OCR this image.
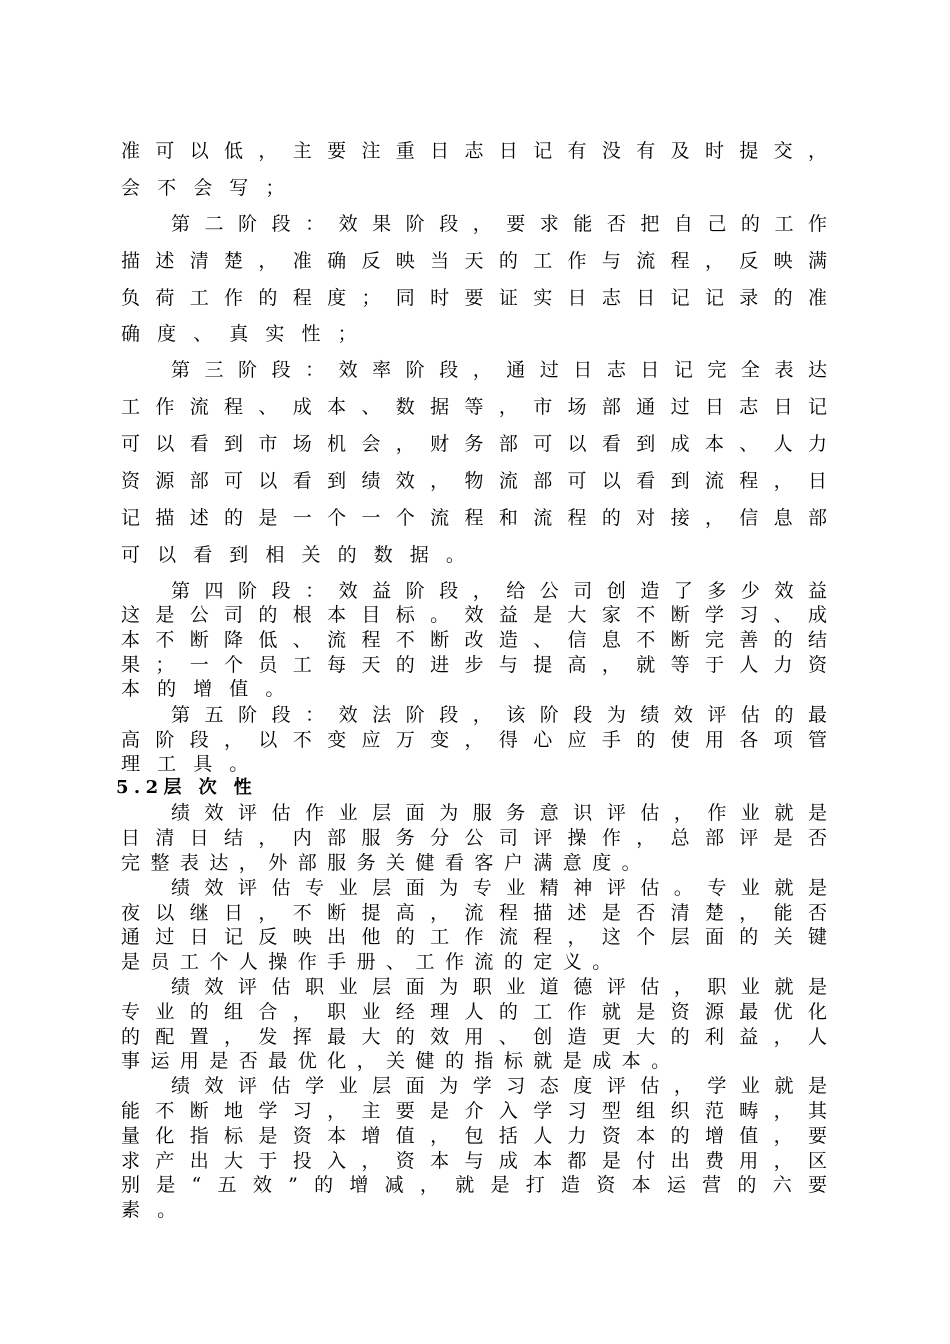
准可以低，主要注重日志日记有没有及时提交，

会不会写；

第二阶段：效果阶段，要求能否把自己的工作

描述清楚，准确反映当天的工作与流程，反映满

负荷工作的程度；同时要证实日志日记记录的准

确度、真实性；

第三阶段：效率阶段，通过日志日记完全表达

工作流程、成本、数据等，市场部通过日志日记

可以看到市场机会，财务部可以看到成本、人力

资源部可以看到绩效，物流部可以看到流程，日

记描述的是一个一个流程和流程的对接，信息部

可以看到相关的数据。

第四阶段：效益阶段，给公司创造了多少效益

这是公司的根本目标。效益是大家不断学习、成

本不断降低、流程不断改造、信息不断完善的结

果；一个员工每天的进步与提高，就等于人力资

本的增值。

第五阶段：效法阶段，该阶段为绩效评估的最

高阶段，以不变应万变，得心应手的使用各项管

理工具。

5.2层 次 性

绩效评估作业层面为服务意识评估，作业就是

日清日结，内部服务分公司评操作，总部评是否

完整表达，外部服务关健看客户满意度。

绩效评估专业层面为专业精神评估。专业就是

夜以继日，不断提高，流程描述是否清楚，能否

通过日记反映出他的工作流程，这个层面的关键

是员工个人操作手册、工作流的定义。

绩效评估职业层面为职业道德评估，职业就是

专业的组合，职业经理人的工作就是资源最优化

的配置，发挥最大的效用、创造更大的利益，人

事运用是否最优化，关健的指标就是成本。

绩效评估学业层面为学习态度评估，学业就是

能不断地学习，主要是介入学习型组织范畴，其

量化指标是资本增值，包括人力资本的增值，要

求产出大于投入，资本与成本都是付出费用，区

别是“五效”的增减，就是打造资本运营的六要

素。
